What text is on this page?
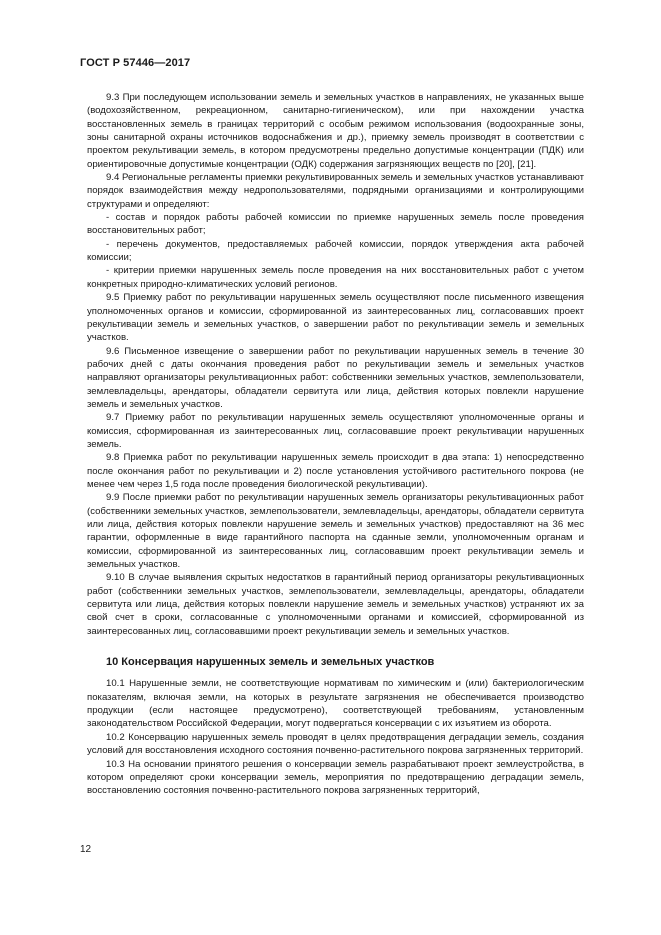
ГОСТ Р 57446—2017

9.3 При последующем использовании земель и земельных участков в направлениях, не указанных выше (водохозяйственном, рекреационном, санитарно-гигиеническом), или при нахождении участка восстановленных земель в границах территорий с особым режимом использования (водоохранные зоны, зоны санитарной охраны источников водоснабжения и др.), приемку земель производят в соответствии с проектом рекультивации земель, в котором предусмотрены предельно допустимые концентрации (ПДК) или ориентировочные допустимые концентрации (ОДК) содержания загрязняющих веществ по [20], [21].

9.4 Региональные регламенты приемки рекультивированных земель и земельных участков устанавливают порядок взаимодействия между недропользователями, подрядными организациями и контролирующими структурами и определяют:

- состав и порядок работы рабочей комиссии по приемке нарушенных земель после проведения восстановительных работ;

- перечень документов, предоставляемых рабочей комиссии, порядок утверждения акта рабочей комиссии;

- критерии приемки нарушенных земель после проведения на них восстановительных работ с учетом конкретных природно-климатических условий регионов.

9.5 Приемку работ по рекультивации нарушенных земель осуществляют после письменного извещения уполномоченных органов и комиссии, сформированной из заинтересованных лиц, согласовавших проект рекультивации земель и земельных участков, о завершении работ по рекультивации земель и земельных участков.

9.6 Письменное извещение о завершении работ по рекультивации нарушенных земель в течение 30 рабочих дней с даты окончания проведения работ по рекультивации земель и земельных участков направляют организаторы рекультивационных работ: собственники земельных участков, землепользователи, землевладельцы, арендаторы, обладатели сервитута или лица, действия которых повлекли нарушение земель и земельных участков.

9.7 Приемку работ по рекультивации нарушенных земель осуществляют уполномоченные органы и комиссия, сформированная из заинтересованных лиц, согласовавшие проект рекультивации нарушенных земель.

9.8 Приемка работ по рекультивации нарушенных земель происходит в два этапа: 1) непосредственно после окончания работ по рекультивации и 2) после установления устойчивого растительного покрова (не менее чем через 1,5 года после проведения биологической рекультивации).

9.9 После приемки работ по рекультивации нарушенных земель организаторы рекультивационных работ (собственники земельных участков, землепользователи, землевладельцы, арендаторы, обладатели сервитута или лица, действия которых повлекли нарушение земель и земельных участков) предоставляют на 36 мес гарантии, оформленные в виде гарантийного паспорта на сданные земли, уполномоченным органам и комиссии, сформированной из заинтересованных лиц, согласовавшим проект рекультивации земель и земельных участков.

9.10 В случае выявления скрытых недостатков в гарантийный период организаторы рекультивационных работ (собственники земельных участков, землепользователи, землевладельцы, арендаторы, обладатели сервитута или лица, действия которых повлекли нарушение земель и земельных участков) устраняют их за свой счет в сроки, согласованные с уполномоченными органами и комиссией, сформированной из заинтересованных лиц, согласовавшими проект рекультивации земель и земельных участков.

10 Консервация нарушенных земель и земельных участков

10.1 Нарушенные земли, не соответствующие нормативам по химическим и (или) бактериологическим показателям, включая земли, на которых в результате загрязнения не обеспечивается производство продукции (если настоящее предусмотрено), соответствующей требованиям, установленным законодательством Российской Федерации, могут подвергаться консервации с их изъятием из оборота.

10.2 Консервацию нарушенных земель проводят в целях предотвращения деградации земель, создания условий для восстановления исходного состояния почвенно-растительного покрова загрязненных территорий.

10.3 На основании принятого решения о консервации земель разрабатывают проект землеустройства, в котором определяют сроки консервации земель, мероприятия по предотвращению деградации земель, восстановлению состояния почвенно-растительного покрова загрязненных территорий,

12
